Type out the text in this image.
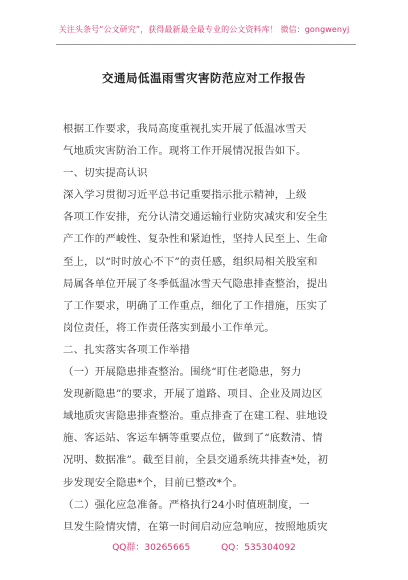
关注头条号“公文研究”，获得最新最全最专业的公文资料库！ 微信：gongwenyj
交通局低温雨雪灾害防范应对工作报告
根据工作要求，我局高度重视扎实开展了低温冰雪天
气地质灾害防治工作。现将工作开展情况报告如下。
一、切实提高认识
深入学习贯彻习近平总书记重要指示批示精神，上级
各项工作安排，充分认清交通运输行业防灾减灾和安全生
产工作的严峻性、复杂性和紧迫性，坚持人民至上、生命
至上，以“时时放心不下”的责任感，组织局相关股室和
局属各单位开展了冬季低温冰雪天气隐患排查整治，提出
了工作要求，明确了工作重点，细化了工作措施，压实了
岗位责任，将工作责任落实到最小工作单元。
二、扎实落实各项工作举措
（一）开展隐患排查整治。围绕“盯住老隐患，努力
发现新隐患”的要求，开展了道路、项目、企业及周边区
域地质灾害隐患排查整治。重点排查了在建工程、驻地设
施、客运站、客运车辆等重要点位，做到了“底数清、情
况明、数据准”。截至目前，全县交通系统共排查*处，初
步发现安全隐患*个，目前已整改*个。
（二）强化应急准备。严格执行24小时值班制度，一
旦发生险情灾情，在第一时间启动应急响应，按照地质灾
QQ群：30265665	QQ：535304092
